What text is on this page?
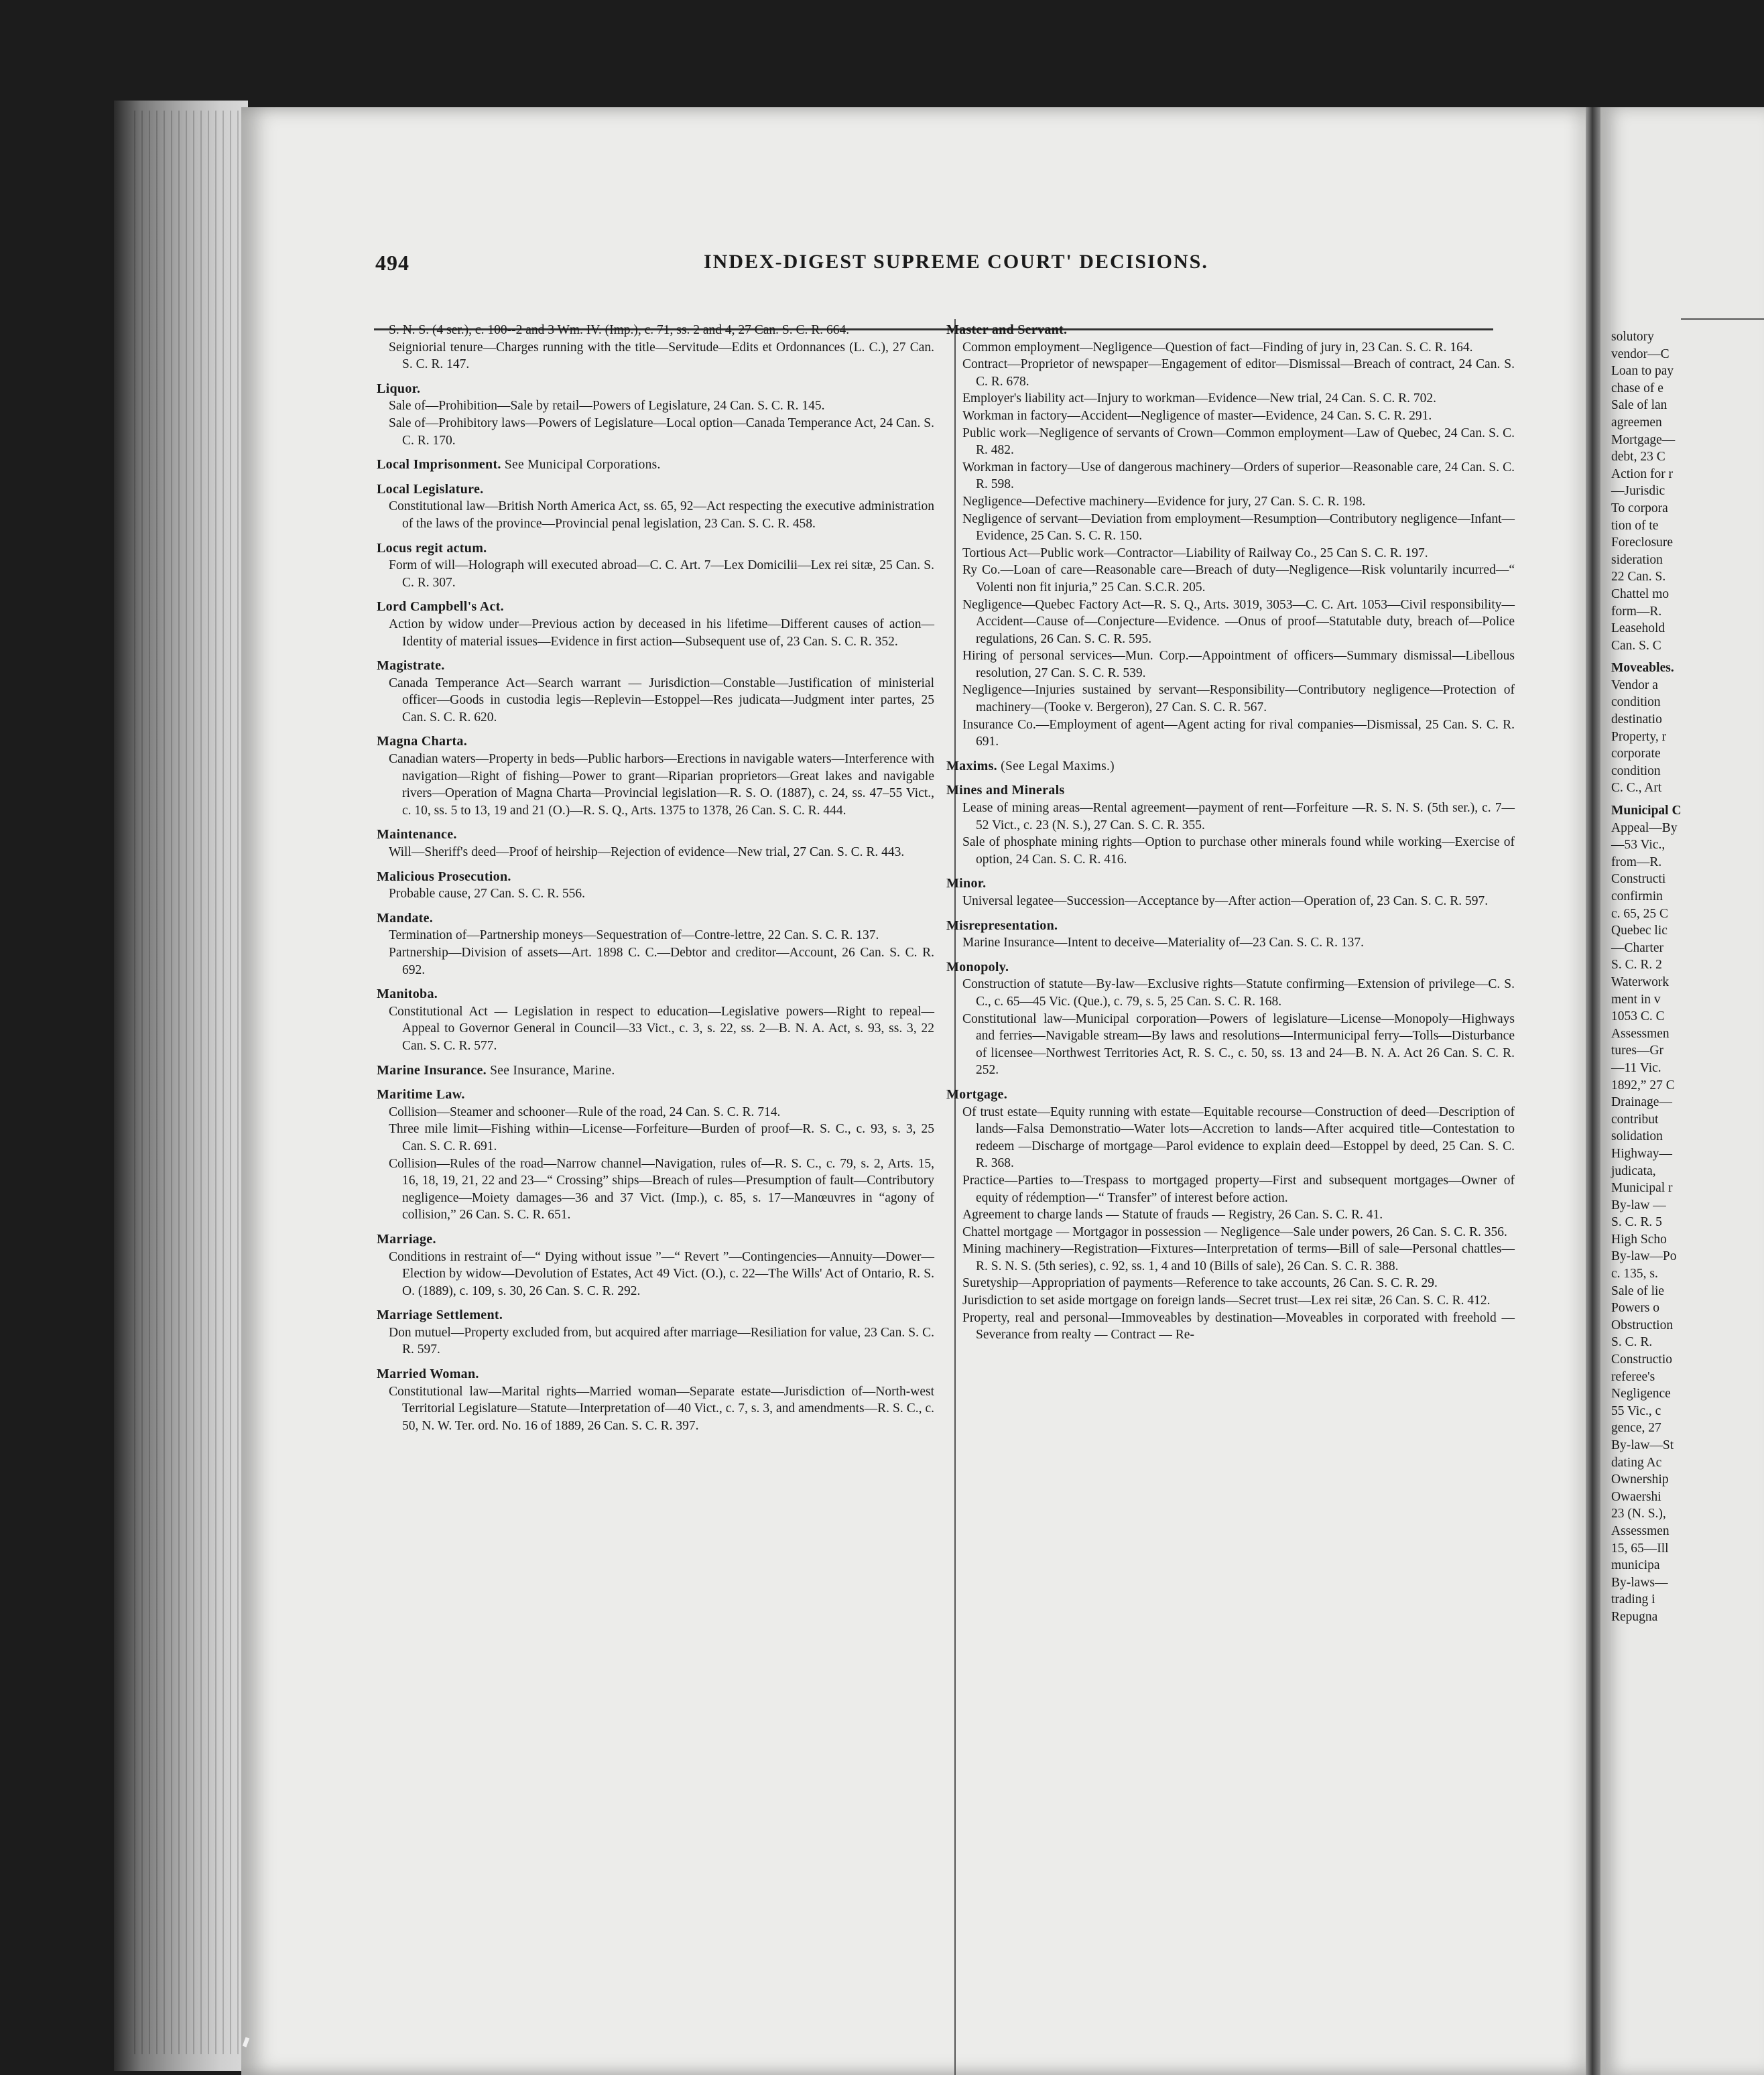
solutory
vendor—C
Loan to pay
chase of e
Sale of lan
agreemen
Mortgage—
debt, 23 C
Action for r
—Jurisdic
To corpora
tion of te
Foreclosure
sideration
22 Can. S.
Chattel mo
form—R.
Leasehold
Can. S. C
Moveables.
Vendor a
condition
destinatio
Property, r
corporate
condition
C. C., Art
Municipal C
Appeal—By
—53 Vic.,
from—R.
Constructi
confirmin
c. 65, 25 C
Quebec lic
—Charter
S. C. R. 2
Waterwork
ment in v
1053 C. C
Assessmen
tures—Gr
—11 Vic.
1892,” 27 C
Drainage—
contribut
solidation
Highway—
judicata,
Municipal r
By-law —
S. C. R. 5
High Scho
By-law—Po
c. 135, s.
Sale of lie
Powers o
Obstruction
S. C. R.
Constructio
referee's
Negligence
55 Vic., c
gence, 27
By-law—St
dating Ac
Ownership
Owaershi
23 (N. S.),
Assessmen
15, 65—Ill
municipa
By-laws—
trading i
Repugna
494	INDEX-DIGEST SUPREME COURT' DECISIONS.
S. N. S. (4 ser.), c. 100--2 and 3 Wm. IV. (Imp.), c. 71, ss. 2 and 4, 27 Can. S. C. R. 664.
Seigniorial tenure—Charges running with the title—Servitude—Edits et Ordonnances (L. C.), 27 Can. S. C. R. 147.
Liquor.
Sale of—Prohibition—Sale by retail—Powers of Legislature, 24 Can. S. C. R. 145.
Sale of—Prohibitory laws—Powers of Legislature—Local option—Canada Temperance Act, 24 Can. S. C. R. 170.
Local Imprisonment. See Municipal Corporations.
Local Legislature.
Constitutional law—British North America Act, ss. 65, 92—Act respecting the executive administration of the laws of the province—Provincial penal legislation, 23 Can. S. C. R. 458.
Locus regit actum.
Form of will—Holograph will executed abroad—C. C. Art. 7—Lex Domicilii—Lex rei sitæ, 25 Can. S. C. R. 307.
Lord Campbell's Act.
Action by widow under—Previous action by deceased in his lifetime—Different causes of action—Identity of material issues—Evidence in first action—Subsequent use of, 23 Can. S. C. R. 352.
Magistrate.
Canada Temperance Act—Search warrant — Jurisdiction—Constable—Justification of ministerial officer—Goods in custodia legis—Replevin—Estoppel—Res judicata—Judgment inter partes, 25 Can. S. C. R. 620.
Magna Charta.
Canadian waters—Property in beds—Public harbors—Erections in navigable waters—Interference with navigation—Right of fishing—Power to grant—Riparian proprietors—Great lakes and navigable rivers—Operation of Magna Charta—Provincial legislation—R. S. O. (1887), c. 24, ss. 47–55 Vict., c. 10, ss. 5 to 13, 19 and 21 (O.)—R. S. Q., Arts. 1375 to 1378, 26 Can. S. C. R. 444.
Maintenance.
Will—Sheriff's deed—Proof of heirship—Rejection of evidence—New trial, 27 Can. S. C. R. 443.
Malicious Prosecution.
Probable cause, 27 Can. S. C. R. 556.
Mandate.
Termination of—Partnership moneys—Sequestration of—Contre-lettre, 22 Can. S. C. R. 137.
Partnership—Division of assets—Art. 1898 C. C.—Debtor and creditor—Account, 26 Can. S. C. R. 692.
Manitoba.
Constitutional Act — Legislation in respect to education—Legislative powers—Right to repeal—Appeal to Governor General in Council—33 Vict., c. 3, s. 22, ss. 2—B. N. A. Act, s. 93, ss. 3, 22 Can. S. C. R. 577.
Marine Insurance. See Insurance, Marine.
Maritime Law.
Collision—Steamer and schooner—Rule of the road, 24 Can. S. C. R. 714.
Three mile limit—Fishing within—License—Forfeiture—Burden of proof—R. S. C., c. 93, s. 3, 25 Can. S. C. R. 691.
Collision—Rules of the road—Narrow channel—Navigation, rules of—R. S. C., c. 79, s. 2, Arts. 15, 16, 18, 19, 21, 22 and 23—“ Crossing” ships—Breach of rules—Presumption of fault—Contributory negligence—Moiety damages—36 and 37 Vict. (Imp.), c. 85, s. 17—Manœuvres in “agony of collision,” 26 Can. S. C. R. 651.
Marriage.
Conditions in restraint of—“ Dying without issue ”—“ Revert ”—Contingencies—Annuity—Dower—Election by widow—Devolution of Estates, Act 49 Vict. (O.), c. 22—The Wills' Act of Ontario, R. S. O. (1889), c. 109, s. 30, 26 Can. S. C. R. 292.
Marriage Settlement.
Don mutuel—Property excluded from, but acquired after marriage—Resiliation for value, 23 Can. S. C. R. 597.
Married Woman.
Constitutional law—Marital rights—Married woman—Separate estate—Jurisdiction of—North-west Territorial Legislature—Statute—Interpretation of—40 Vict., c. 7, s. 3, and amendments—R. S. C., c. 50, N. W. Ter. ord. No. 16 of 1889, 26 Can. S. C. R. 397.
Master and Servant.
Common employment—Negligence—Question of fact—Finding of jury in, 23 Can. S. C. R. 164.
Contract—Proprietor of newspaper—Engagement of editor—Dismissal—Breach of contract, 24 Can. S. C. R. 678.
Employer's liability act—Injury to workman—Evidence—New trial, 24 Can. S. C. R. 702.
Workman in factory—Accident—Negligence of master—Evidence, 24 Can. S. C. R. 291.
Public work—Negligence of servants of Crown—Common employment—Law of Quebec, 24 Can. S. C. R. 482.
Workman in factory—Use of dangerous machinery—Orders of superior—Reasonable care, 24 Can. S. C. R. 598.
Negligence—Defective machinery—Evidence for jury, 27 Can. S. C. R. 198.
Negligence of servant—Deviation from employment—Resumption—Contributory negligence—Infant—Evidence, 25 Can. S. C. R. 150.
Tortious Act—Public work—Contractor—Liability of Railway Co., 25 Can S. C. R. 197.
Ry Co.—Loan of care—Reasonable care—Breach of duty—Negligence—Risk voluntarily incurred—“ Volenti non fit injuria,” 25 Can. S.C.R. 205.
Negligence—Quebec Factory Act—R. S. Q., Arts. 3019, 3053—C. C. Art. 1053—Civil responsibility—Accident—Cause of—Conjecture—Evidence. —Onus of proof—Statutable duty, breach of—Police regulations, 26 Can. S. C. R. 595.
Hiring of personal services—Mun. Corp.—Appointment of officers—Summary dismissal—Libellous resolution, 27 Can. S. C. R. 539.
Negligence—Injuries sustained by servant—Responsibility—Contributory negligence—Protection of machinery—(Tooke v. Bergeron), 27 Can. S. C. R. 567.
Insurance Co.—Employment of agent—Agent acting for rival companies—Dismissal, 25 Can. S. C. R. 691.
Maxims. (See Legal Maxims.)
Mines and Minerals
Lease of mining areas—Rental agreement—payment of rent—Forfeiture —R. S. N. S. (5th ser.), c. 7—52 Vict., c. 23 (N. S.), 27 Can. S. C. R. 355.
Sale of phosphate mining rights—Option to purchase other minerals found while working—Exercise of option, 24 Can. S. C. R. 416.
Minor.
Universal legatee—Succession—Acceptance by—After action—Operation of, 23 Can. S. C. R. 597.
Misrepresentation.
Marine Insurance—Intent to deceive—Materiality of—23 Can. S. C. R. 137.
Monopoly.
Construction of statute—By-law—Exclusive rights—Statute confirming—Extension of privilege—C. S. C., c. 65—45 Vic. (Que.), c. 79, s. 5, 25 Can. S. C. R. 168.
Constitutional law—Municipal corporation—Powers of legislature—License—Monopoly—Highways and ferries—Navigable stream—By laws and resolutions—Intermunicipal ferry—Tolls—Disturbance of licensee—Northwest Territories Act, R. S. C., c. 50, ss. 13 and 24—B. N. A. Act 26 Can. S. C. R. 252.
Mortgage.
Of trust estate—Equity running with estate—Equitable recourse—Construction of deed—Description of lands—Falsa Demonstratio—Water lots—Accretion to lands—After acquired title—Contestation to redeem —Discharge of mortgage—Parol evidence to explain deed—Estoppel by deed, 25 Can. S. C. R. 368.
Practice—Parties to—Trespass to mortgaged property—First and subsequent mortgages—Owner of equity of rédemption—“ Transfer” of interest before action.
Agreement to charge lands — Statute of frauds — Registry, 26 Can. S. C. R. 41.
Chattel mortgage — Mortgagor in possession — Negligence—Sale under powers, 26 Can. S. C. R. 356.
Mining machinery—Registration—Fixtures—Interpretation of terms—Bill of sale—Personal chattles—R. S. N. S. (5th series), c. 92, ss. 1, 4 and 10 (Bills of sale), 26 Can. S. C. R. 388.
Suretyship—Appropriation of payments—Reference to take accounts, 26 Can. S. C. R. 29.
Jurisdiction to set aside mortgage on foreign lands—Secret trust—Lex rei sitæ, 26 Can. S. C. R. 412.
Property, real and personal—Immoveables by destination—Moveables in corporated with freehold — Severance from realty — Contract — Re-
